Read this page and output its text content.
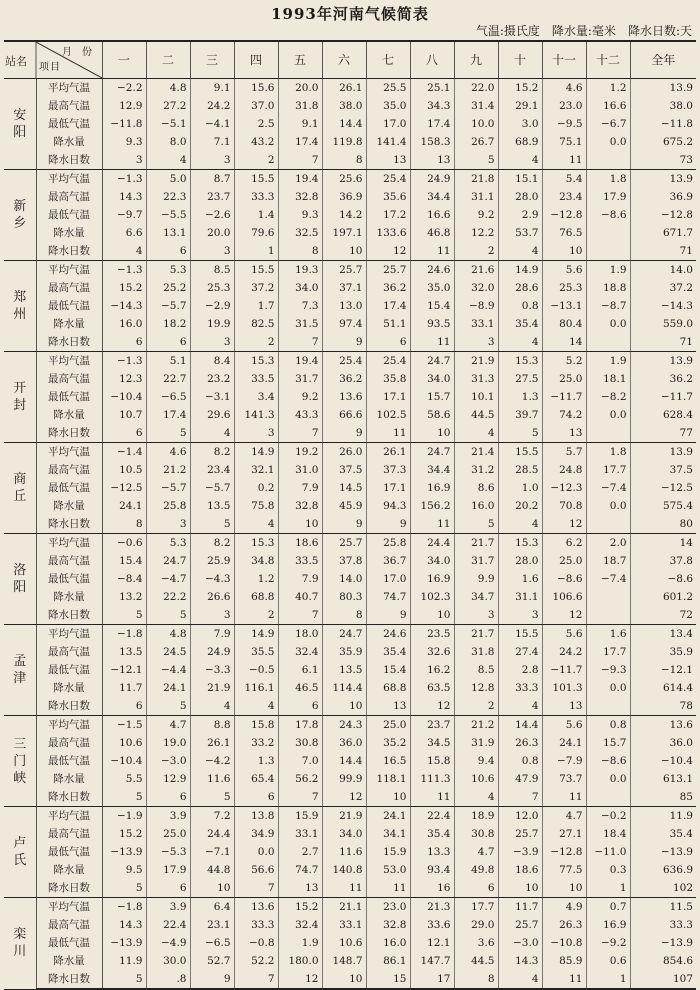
1993年河南气候简表
气温:摄氏度　降水量:毫米　降水日数:天
站名
月份
项目		一	二	三	四	五	六	七	八	九	十	十一	十二	全年

安
阳	平均气温	−2.2	4.8	9.1	15.6	20.0	26.1	25.5	25.1	22.0	15.2	4.6	1.2	13.9
	最高气温	12.9	27.2	24.2	37.0	31.8	38.0	35.0	34.3	31.4	29.1	23.0	16.6	38.0
	最低气温	−11.8	−5.1	−4.1	2.5	9.1	14.4	17.0	17.4	10.0	3.0	−9.5	−6.7	−11.8
	降水量	9.3	8.0	7.1	43.2	17.4	119.8	141.4	158.3	26.7	68.9	75.1	0.0	675.2
	降水日数	3	4	3	2	7	8	13	13	5	4	11		73

新
乡	平均气温	−1.3	5.0	8.7	15.5	19.4	25.6	25.4	24.9	21.8	15.1	5.4	1.8	13.9
	最高气温	14.3	22.3	23.7	33.3	32.8	36.9	35.6	34.4	31.1	28.0	23.4	17.9	36.9
	最低气温	−9.7	−5.5	−2.6	1.4	9.3	14.2	17.2	16.6	9.2	2.9	−12.8	−8.6	−12.8
	降水量	6.6	13.1	20.0	79.6	32.5	197.1	133.6	46.8	12.2	53.7	76.5		671.7
	降水日数	4	6	3	1	8	10	12	11	2	4	10		71

郑
州	平均气温	−1.3	5.3	8.5	15.5	19.3	25.7	25.7	24.6	21.6	14.9	5.6	1.9	14.0
	最高气温	15.2	25.2	25.3	37.2	34.0	37.1	36.2	35.0	32.0	28.6	25.3	18.8	37.2
	最低气温	−14.3	−5.7	−2.9	1.7	7.3	13.0	17.4	15.4	−8.9	0.8	−13.1	−8.7	−14.3
	降水量	16.0	18.2	19.9	82.5	31.5	97.4	51.1	93.5	33.1	35.4	80.4	0.0	559.0
	降水日数	6	6	3	2	7	9	6	11	3	4	14		71

开
封	平均气温	−1.3	5.1	8.4	15.3	19.4	25.4	25.4	24.7	21.9	15.3	5.2	1.9	13.9
	最高气温	12.3	22.7	23.2	33.5	31.7	36.2	35.8	34.0	31.3	27.5	25.0	18.1	36.2
	最低气温	−10.4	−6.5	−3.1	3.4	9.2	13.6	17.1	15.7	10.1	1.3	−11.7	−8.2	−11.7
	降水量	10.7	17.4	29.6	141.3	43.3	66.6	102.5	58.6	44.5	39.7	74.2	0.0	628.4
	降水日数	6	5	4	3	7	9	11	10	4	5	13		77

商
丘	平均气温	−1.4	4.6	8.2	14.9	19.2	26.0	26.1	24.7	21.4	15.5	5.7	1.8	13.9
	最高气温	10.5	21.2	23.4	32.1	31.0	37.5	37.3	34.4	31.2	28.5	24.8	17.7	37.5
	最低气温	−12.5	−5.7	−5.7	0.2	7.9	14.5	17.1	16.9	8.6	1.0	−12.3	−7.4	−12.5
	降水量	24.1	25.8	13.5	75.8	32.8	45.9	94.3	156.2	16.0	20.2	70.8	0.0	575.4
	降水日数	8	3	5	4	10	9	9	11	5	4	12		80

洛
阳	平均气温	−0.6	5.3	8.2	15.3	18.6	25.7	25.8	24.4	21.7	15.3	6.2	2.0	14
	最高气温	15.4	24.7	25.9	34.8	33.5	37.8	36.7	34.0	31.7	28.0	25.0	18.7	37.8
	最低气温	−8.4	−4.7	−4.3	1.2	7.9	14.0	17.0	16.9	9.9	1.6	−8.6	−7.4	−8.6
	降水量	13.2	22.2	26.6	68.8	40.7	80.3	74.7	102.3	34.7	31.1	106.6		601.2
	降水日数	5	5	3	2	7	8	9	10	3	3	12		72

孟
津	平均气温	−1.8	4.8	7.9	14.9	18.0	24.7	24.6	23.5	21.7	15.5	5.6	1.6	13.4
	最高气温	13.5	24.5	24.9	35.5	32.4	35.9	35.4	32.6	31.8	27.4	24.2	17.7	35.9
	最低气温	−12.1	−4.4	−3.3	−0.5	6.1	13.5	15.4	16.2	8.5	2.8	−11.7	−9.3	−12.1
	降水量	11.7	24.1	21.9	116.1	46.5	114.4	68.8	63.5	12.8	33.3	101.3	0.0	614.4
	降水日数	6	5	4	4	6	10	13	12	2	4	13		78

三
门
峡	平均气温	−1.5	4.7	8.8	15.8	17.8	24.3	25.0	23.7	21.2	14.4	5.6	0.8	13.6
	最高气温	10.6	19.0	26.1	33.2	30.8	36.0	35.2	34.5	31.9	26.3	24.1	15.7	36.0
	最低气温	−10.4	−3.0	−4.2	1.3	7.0	14.4	16.5	15.8	9.4	0.8	−7.9	−8.6	−10.4
	降水量	5.5	12.9	11.6	65.4	56.2	99.9	118.1	111.3	10.6	47.9	73.7	0.0	613.1
	降水日数	5	6	5	6	7	12	10	11	4	7	11		85

卢
氏	平均气温	−1.9	3.9	7.2	13.8	15.9	21.9	24.1	22.4	18.9	12.0	4.7	−0.2	11.9
	最高气温	15.2	25.0	24.4	34.9	33.1	34.0	34.1	35.4	30.8	25.7	27.1	18.4	35.4
	最低气温	−13.9	−5.3	−7.1	0.0	2.7	11.6	15.9	13.3	4.7	−3.9	−12.8	−11.0	−13.9
	降水量	9.5	17.9	44.8	56.6	74.7	140.8	53.0	93.4	49.8	18.6	77.5	0.3	636.9
	降水日数	5	6	10	7	13	11	11	16	6	10	10	1	102

栾
川	平均气温	−1.8	3.9	6.4	13.6	15.2	21.1	23.0	21.3	17.7	11.7	4.9	0.7	11.5
	最高气温	14.3	22.4	23.1	33.3	32.4	33.1	32.8	33.6	29.0	25.7	26.3	16.9	33.3
	最低气温	−13.9	−4.9	−6.5	−0.8	1.9	10.6	16.0	12.1	3.6	−3.0	−10.8	−9.2	−13.9
	降水量	11.9	30.0	52.7	52.2	180.0	148.7	86.1	147.7	44.5	14.3	85.9	0.6	854.6
	降水日数	5	.8	9	7	12	10	15	17	8	4	11	1	107
